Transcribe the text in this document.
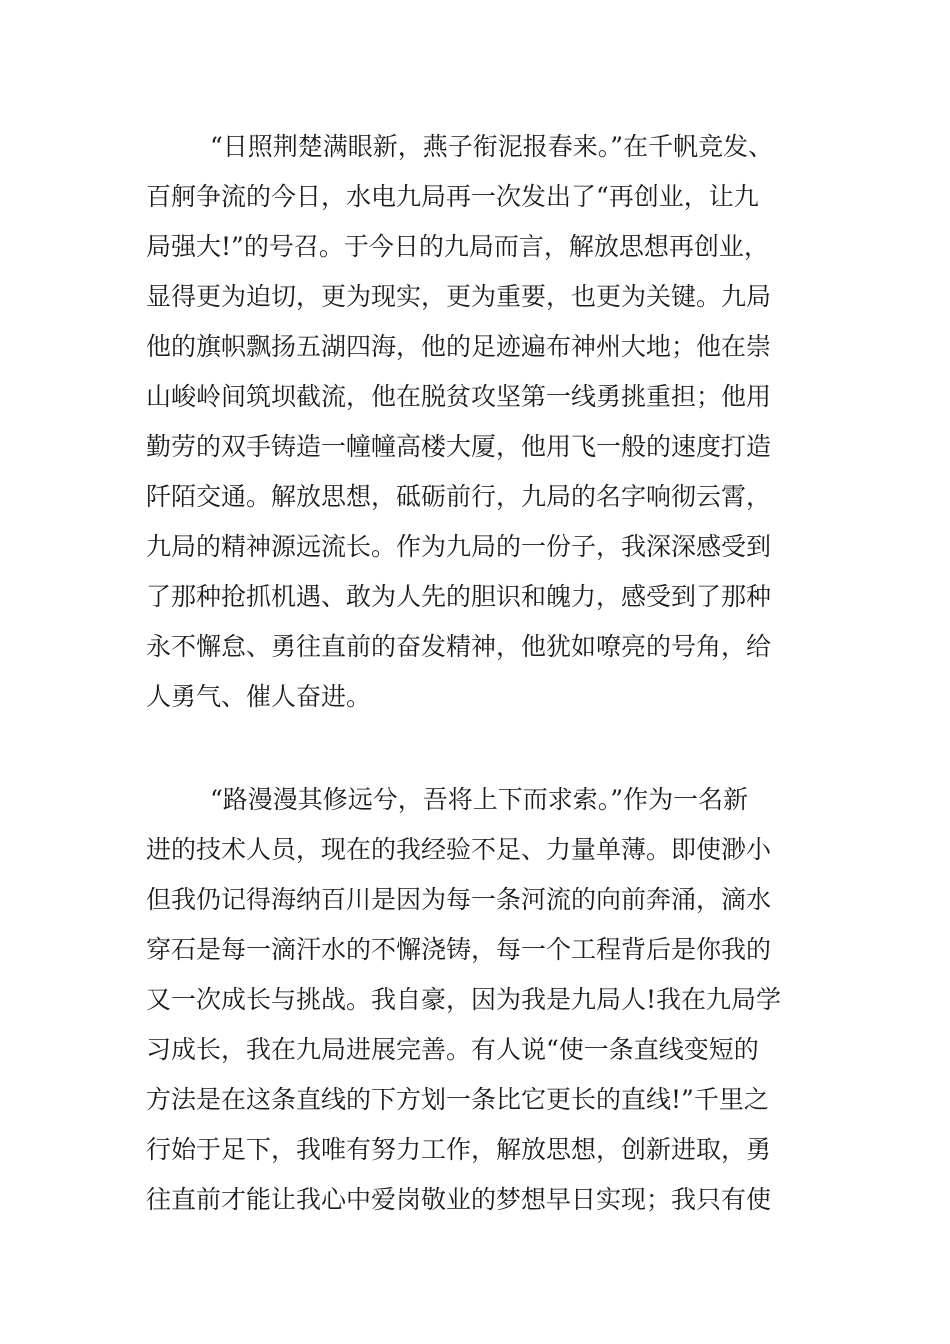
“日照荆楚满眼新，燕子衔泥报春来。”在千帆竞发、
百舸争流的今日，水电九局再一次发出了“再创业，让九
局强大!”的号召。于今日的九局而言，解放思想再创业，
显得更为迫切，更为现实，更为重要，也更为关键。九局
他的旗帜飘扬五湖四海，他的足迹遍布神州大地；他在崇
山峻岭间筑坝截流，他在脱贫攻坚第一线勇挑重担；他用
勤劳的双手铸造一幢幢高楼大厦，他用飞一般的速度打造
阡陌交通。解放思想，砥砺前行，九局的名字响彻云霄，
九局的精神源远流长。作为九局的一份子，我深深感受到
了那种抢抓机遇、敢为人先的胆识和魄力，感受到了那种
永不懈怠、勇往直前的奋发精神，他犹如嘹亮的号角，给
人勇气、催人奋进。
“路漫漫其修远兮，吾将上下而求索。”作为一名新
进的技术人员，现在的我经验不足、力量单薄。即使渺小
但我仍记得海纳百川是因为每一条河流的向前奔涌，滴水
穿石是每一滴汗水的不懈浇铸，每一个工程背后是你我的
又一次成长与挑战。我自豪，因为我是九局人!我在九局学
习成长，我在九局进展完善。有人说“使一条直线变短的
方法是在这条直线的下方划一条比它更长的直线!”千里之
行始于足下，我唯有努力工作，解放思想，创新进取，勇
往直前才能让我心中爱岗敬业的梦想早日实现；我只有使
